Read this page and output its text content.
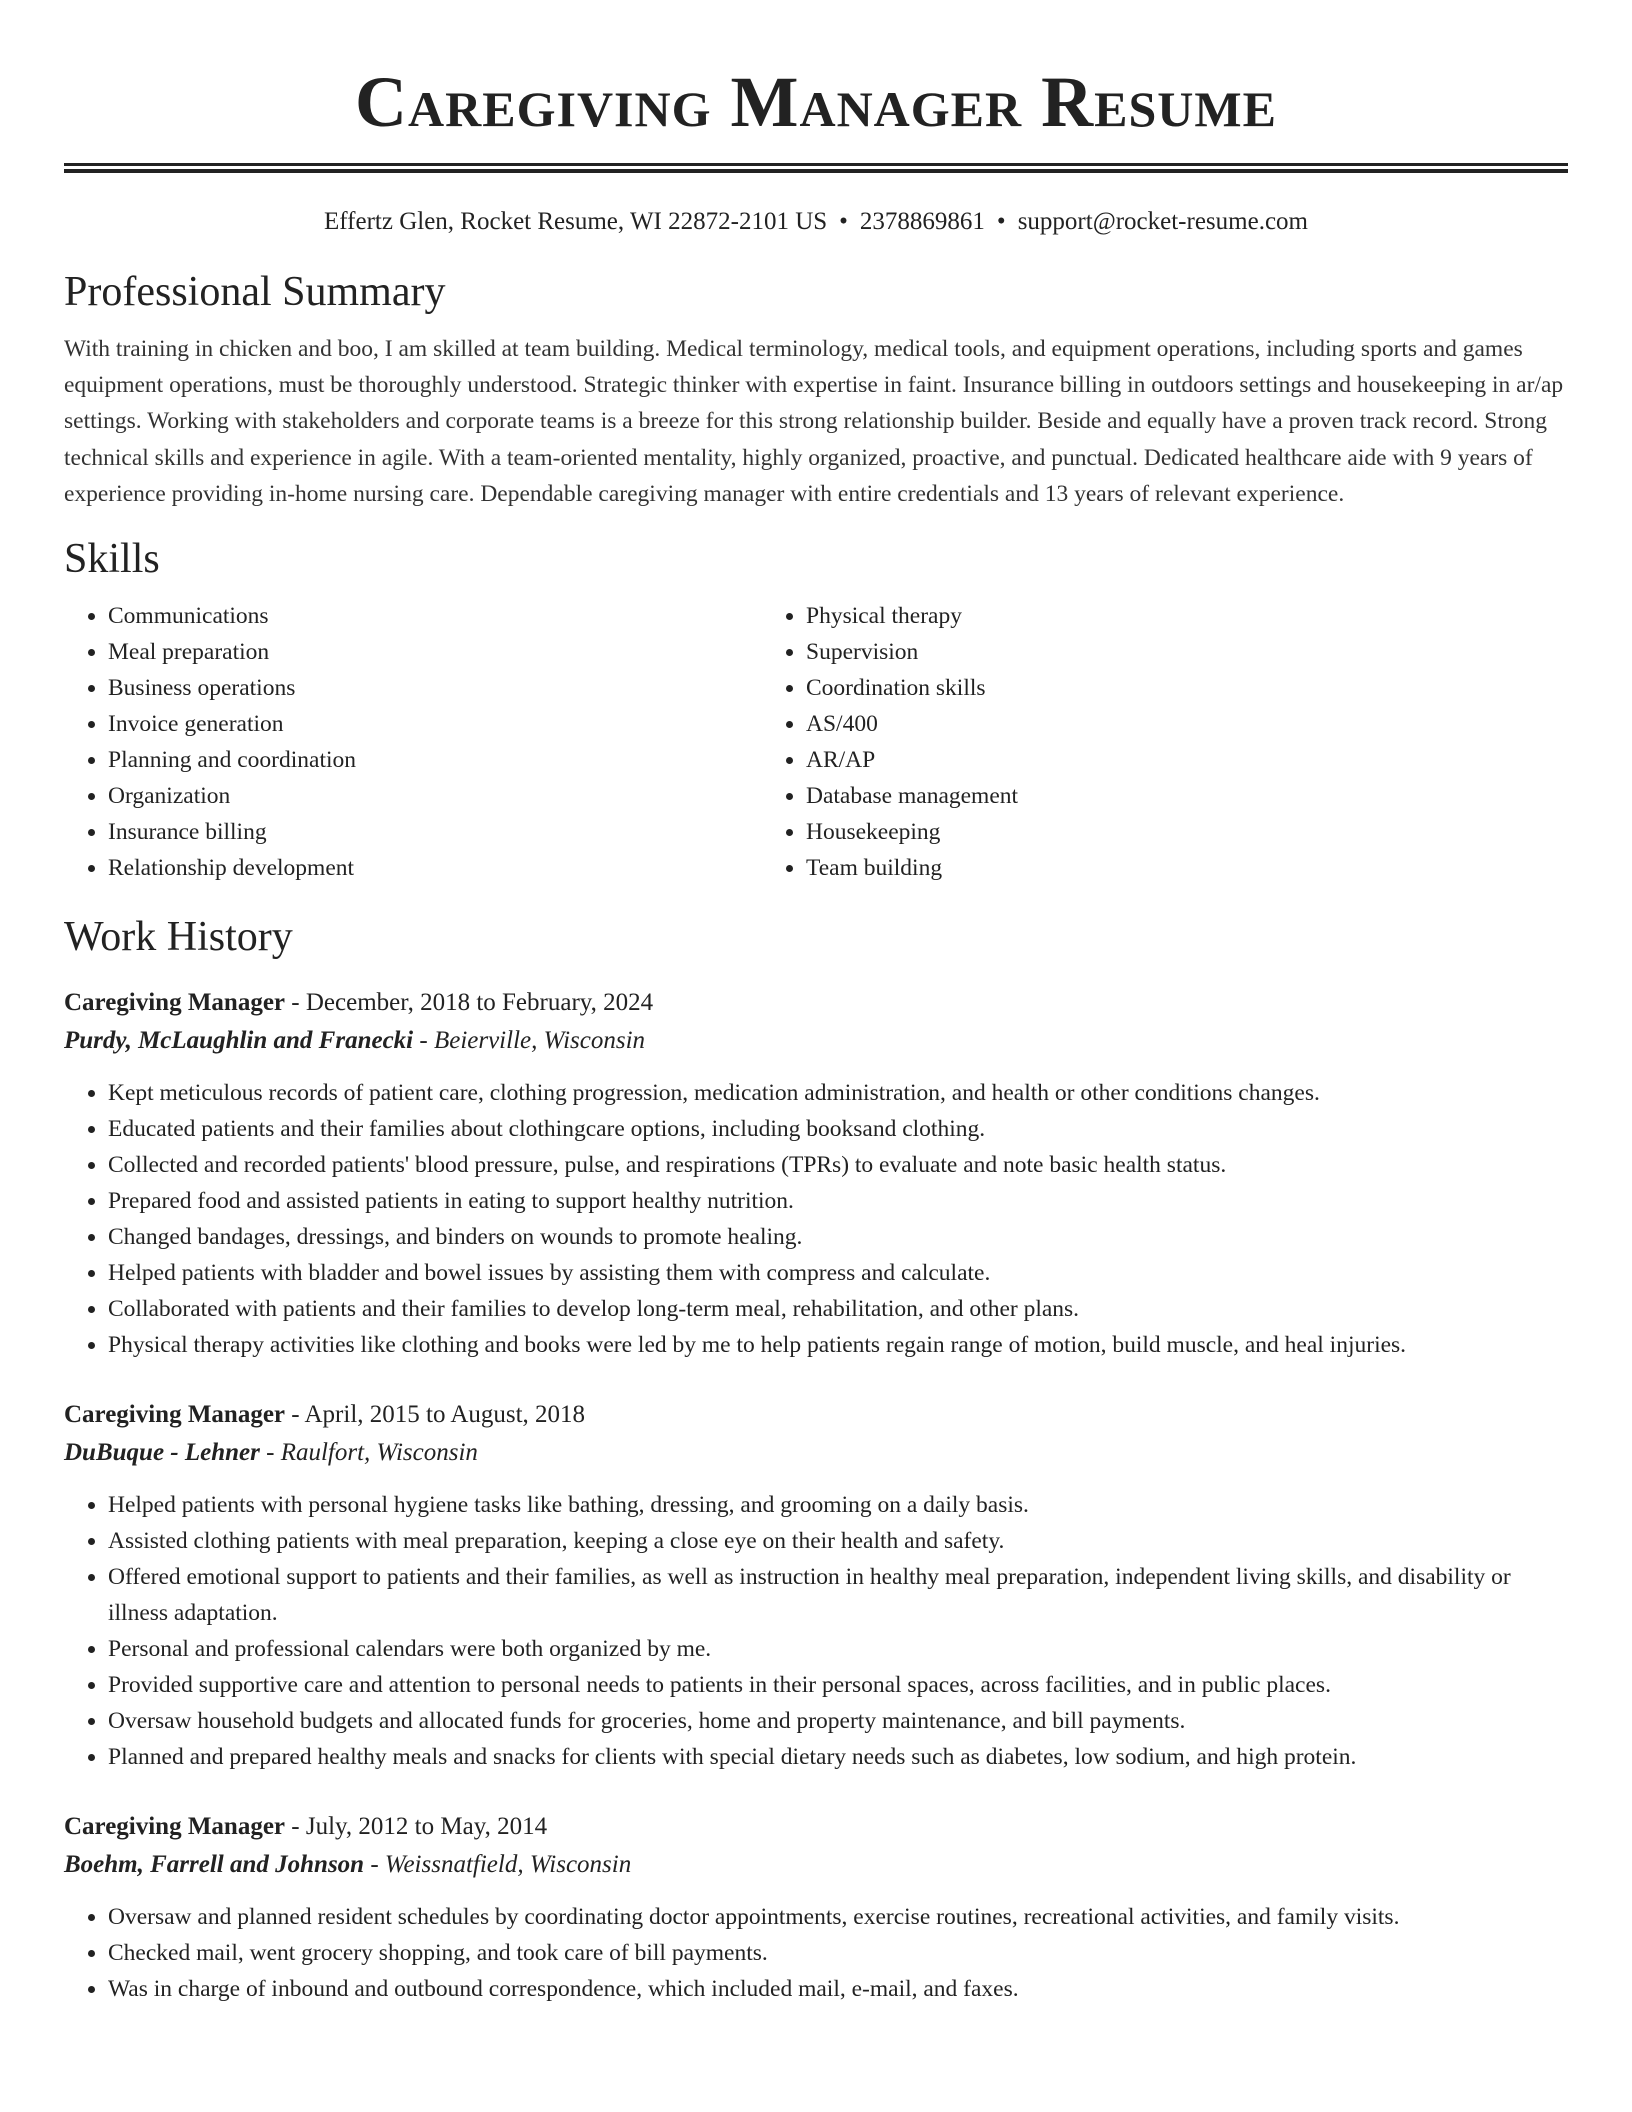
Caregiving Manager Resume
Effertz Glen, Rocket Resume, WI 22872-2101 US • 2378869861 • support@rocket-resume.com
Professional Summary

With training in chicken and boo, I am skilled at team building. Medical terminology, medical tools, and equipment operations, including sports and games equipment operations, must be thoroughly understood. Strategic thinker with expertise in faint. Insurance billing in outdoors settings and housekeeping in ar/ap settings. Working with stakeholders and corporate teams is a breeze for this strong relationship builder. Beside and equally have a proven track record. Strong technical skills and experience in agile. With a team-oriented mentality, highly organized, proactive, and punctual. Dedicated healthcare aide with 9 years of experience providing in-home nursing care. Dependable caregiving manager with entire credentials and 13 years of relevant experience.

Skills
• Communications
• Meal preparation
• Business operations
• Invoice generation
• Planning and coordination
• Organization
• Insurance billing
• Relationship development
• Physical therapy
• Supervision
• Coordination skills
• AS/400
• AR/AP
• Database management
• Housekeeping
• Team building
Work History
Caregiving Manager - December, 2018 to February, 2024
Purdy, McLaughlin and Franecki - Beierville, Wisconsin
• Kept meticulous records of patient care, clothing progression, medication administration, and health or other conditions changes.
• Educated patients and their families about clothingcare options, including booksand clothing.
• Collected and recorded patients' blood pressure, pulse, and respirations (TPRs) to evaluate and note basic health status.
• Prepared food and assisted patients in eating to support healthy nutrition.
• Changed bandages, dressings, and binders on wounds to promote healing.
• Helped patients with bladder and bowel issues by assisting them with compress and calculate.
• Collaborated with patients and their families to develop long-term meal, rehabilitation, and other plans.
• Physical therapy activities like clothing and books were led by me to help patients regain range of motion, build muscle, and heal injuries.
Caregiving Manager - April, 2015 to August, 2018
DuBuque - Lehner - Raulfort, Wisconsin
• Helped patients with personal hygiene tasks like bathing, dressing, and grooming on a daily basis.
• Assisted clothing patients with meal preparation, keeping a close eye on their health and safety.
• Offered emotional support to patients and their families, as well as instruction in healthy meal preparation, independent living skills, and disability or illness adaptation.
• Personal and professional calendars were both organized by me.
• Provided supportive care and attention to personal needs to patients in their personal spaces, across facilities, and in public places.
• Oversaw household budgets and allocated funds for groceries, home and property maintenance, and bill payments.
• Planned and prepared healthy meals and snacks for clients with special dietary needs such as diabetes, low sodium, and high protein.
Caregiving Manager - July, 2012 to May, 2014
Boehm, Farrell and Johnson - Weissnatfield, Wisconsin
• Oversaw and planned resident schedules by coordinating doctor appointments, exercise routines, recreational activities, and family visits.
• Checked mail, went grocery shopping, and took care of bill payments.
• Was in charge of inbound and outbound correspondence, which included mail, e-mail, and faxes.
